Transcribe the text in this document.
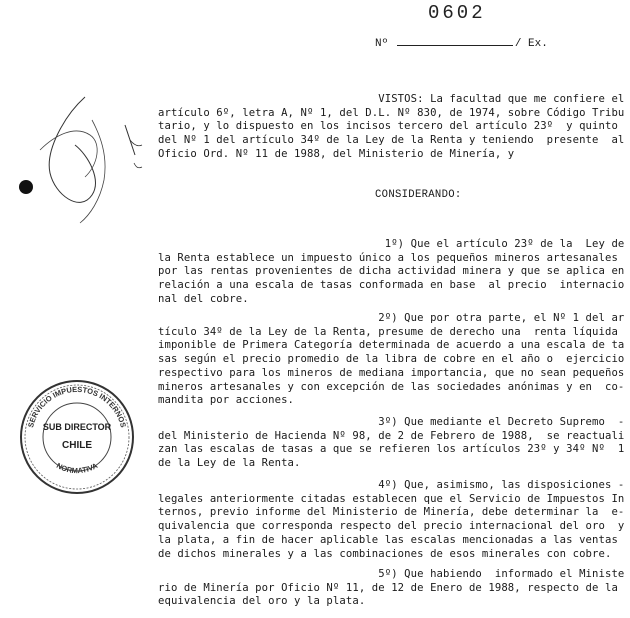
0602
Nº	/ Ex.
VISTOS: La facultad que me confiere el
artículo 6º, letra A, Nº 1, del D.L. Nº 830, de 1974, sobre Código Tribu
tario, y lo dispuesto en los incisos tercero del artículo 23º  y quinto
del Nº 1 del artículo 34º de la Ley de la Renta y teniendo  presente  al
Oficio Ord. Nº 11 de 1988, del Ministerio de Minería, y
CONSIDERANDO:
1º) Que el artículo 23º de la  Ley de
la Renta establece un impuesto único a los pequeños mineros artesanales
por las rentas provenientes de dicha actividad minera y que se aplica en
relación a una escala de tasas conformada en base  al precio  internacio
nal del cobre.
2º) Que por otra parte, el Nº 1 del ar
tículo 34º de la Ley de la Renta, presume de derecho una  renta líquida
imponible de Primera Categoría determinada de acuerdo a una escala de ta
sas según el precio promedio de la libra de cobre en el año o  ejercicio
respectivo para los mineros de mediana importancia, que no sean pequeños
mineros artesanales y con excepción de las sociedades anónimas y en  co-
mandita por acciones.
3º) Que mediante el Decreto Supremo  -
del Ministerio de Hacienda Nº 98, de 2 de Febrero de 1988,  se reactuali
zan las escalas de tasas a que se refieren los artículos 23º y 34º Nº  1
de la Ley de la Renta.
4º) Que, asimismo, las disposiciones -
legales anteriormente citadas establecen que el Servicio de Impuestos In
ternos, previo informe del Ministerio de Minería, debe determinar la  e-
quivalencia que corresponda respecto del precio internacional del oro  y
la plata, a fin de hacer aplicable las escalas mencionadas a las ventas
de dichos minerales y a las combinaciones de esos minerales con cobre.
5º) Que habiendo  informado el Ministe
rio de Minería por Oficio Nº 11, de 12 de Enero de 1988, respecto de la
equivalencia del oro y la plata.
SERVICIO IMPUESTOS INTERNOS
NORMATIVA
SUB DIRECTOR
CHILE
